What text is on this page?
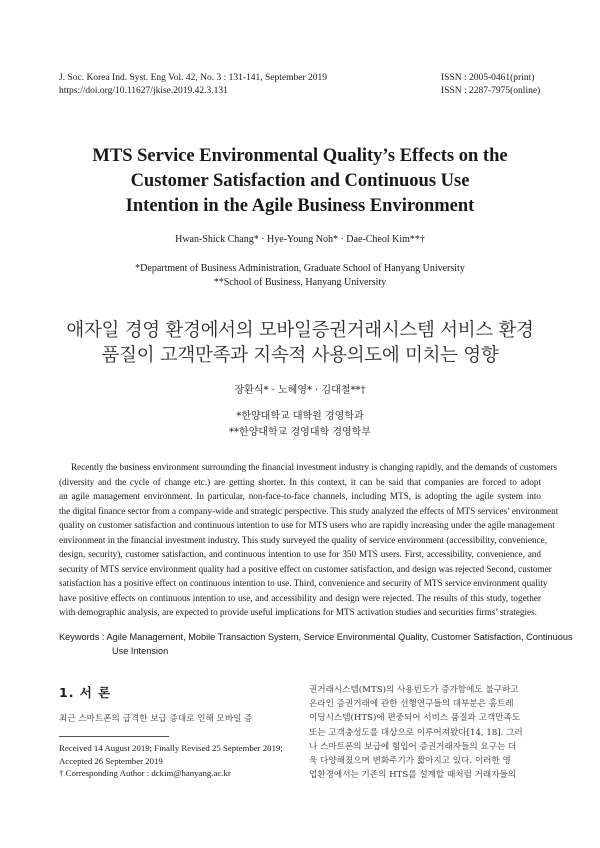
J. Soc. Korea Ind. Syst. Eng Vol. 42, No. 3 : 131-141, September 2019
https://doi.org/10.11627/jkise.2019.42.3.131
ISSN : 2005-0461(print)
ISSN : 2287-7975(online)
MTS Service Environmental Quality’s Effects on the
Customer Satisfaction and Continuous Use
Intention in the Agile Business Environment
Hwan-Shick Chang* · Hye-Young Noh* · Dae-Cheol Kim**†
*Department of Business Administration, Graduate School of Hanyang University
**School of Business, Hanyang University
애자일 경영 환경에서의 모바일증권거래시스템 서비스 환경
품질이 고객만족과 지속적 사용의도에 미치는 영향
장환식* · 노혜영* · 김대철**†
*한양대학교 대학원 경영학과
**한양대학교 경영대학 경영학부
Recently the business environment surrounding the financial investment industry is changing rapidly, and the demands of customers
(diversity and the cycle of change etc.) are getting shorter. In this context, it can be said that companies are forced to adopt
an agile management environment. In particular, non-face-to-face channels, including MTS, is adopting the agile system into
the digital finance sector from a company-wide and strategic perspective. This study analyzed the effects of MTS services’ environment
quality on customer satisfaction and continuous intention to use for MTS users who are rapidly increasing under the agile management
environment in the financial investment industry. This study surveyed the quality of service environment (accessibility, convenience,
design, security), customer satisfaction, and continuous intention to use for 350 MTS users. First, accessibility, convenience, and
security of MTS service environment quality had a positive effect on customer satisfaction, and design was rejected Second, customer
satisfaction has a positive effect on continuous intention to use. Third, convenience and security of MTS service environment quality
have positive effects on continuous intention to use, and accessibility and design were rejected. The results of this study, together
with demographic analysis, are expected to provide useful implications for MTS activation studies and securities firms’ strategies.
Keywords : Agile Management, Mobile Transaction System, Service Environmental Quality, Customer Satisfaction, Continuous
Use Intension
1. 서 론
최근 스마트폰의 급격한 보급 증대로 인해 모바일 증
Received 14 August 2019; Finally Revised 25 September 2019;
Accepted 26 September 2019
† Corresponding Author : dckim@hanyang.ac.kr
권거래시스템(MTS)의 사용빈도가 증가함에도 불구하고
온라인 증권거래에 관한 선행연구들의 대부분은 홈트레
이딩시스템(HTS)에 편중되어 서비스 품질과 고객만족도
또는 고객충성도를 대상으로 이루어져왔다[14, 18]. 그러
나 스마트폰의 보급에 힘입어 증권거래자들의 요구는 더
욱 다양해졌으며 변화주기가 짧아지고 있다. 이러한 영
업환경에서는 기존의 HTS를 설계할 때처럼 거래자들의
